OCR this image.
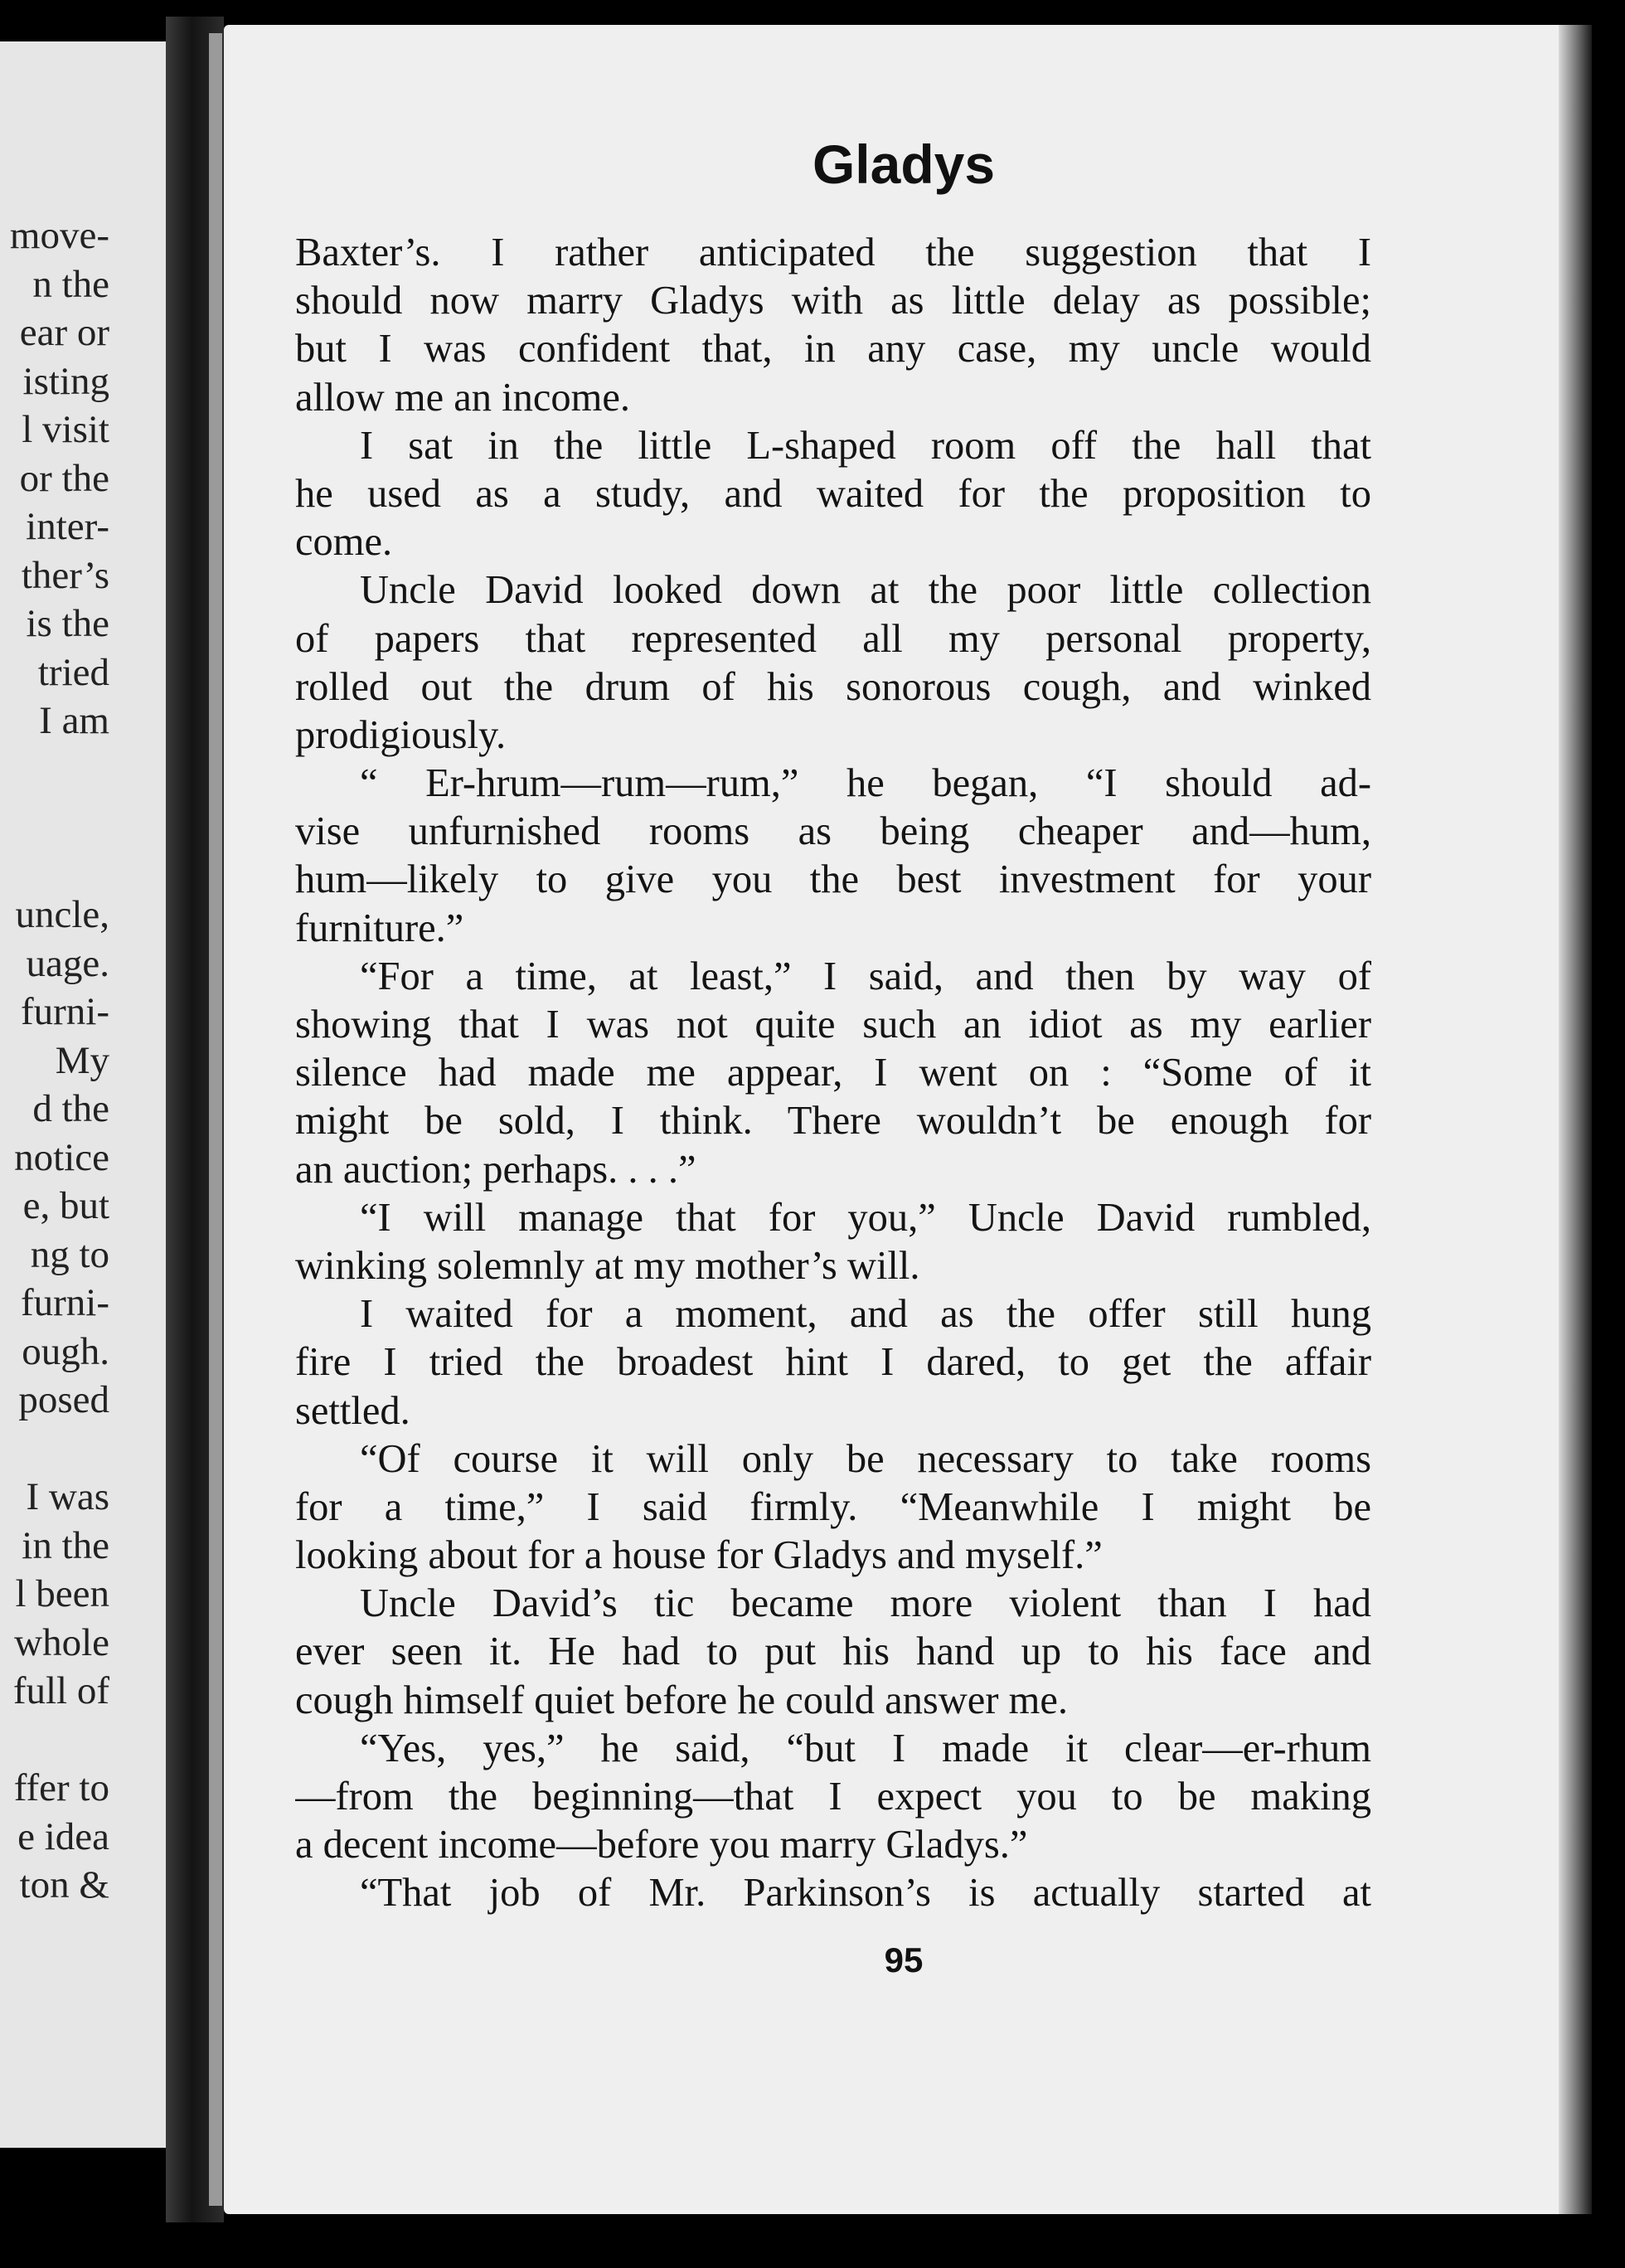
move-
n the
ear or
isting
l visit
or the
inter-
ther’s
is the
tried
I am
uncle,
uage.
furni-
My
d the
notice
e, but
ng to
furni-
ough.
posed
I was
in the
l been
whole
full of
ffer to
e idea
ton &
Gladys
Baxter’s. I rather anticipated the suggestion that I
should now marry Gladys with as little delay as possible;
but I was confident that, in any case, my uncle would
allow me an income.
I sat in the little L-shaped room off the hall that
he used as a study, and waited for the proposition to
come.
Uncle David looked down at the poor little collection
of papers that represented all my personal property,
rolled out the drum of his sonorous cough, and winked
prodigiously.
“ Er-hrum—rum—rum,” he began, “I should ad-
vise unfurnished rooms as being cheaper and—hum,
hum—likely to give you the best investment for your
furniture.”
“For a time, at least,” I said, and then by way of
showing that I was not quite such an idiot as my earlier
silence had made me appear, I went on : “Some of it
might be sold, I think. There wouldn’t be enough for
an auction; perhaps. . . .”
“I will manage that for you,” Uncle David rumbled,
winking solemnly at my mother’s will.
I waited for a moment, and as the offer still hung
fire I tried the broadest hint I dared, to get the affair
settled.
“Of course it will only be necessary to take rooms
for a time,” I said firmly. “Meanwhile I might be
looking about for a house for Gladys and myself.”
Uncle David’s tic became more violent than I had
ever seen it. He had to put his hand up to his face and
cough himself quiet before he could answer me.
“Yes, yes,” he said, “but I made it clear—er-rhum
—from the beginning—that I expect you to be making
a decent income—before you marry Gladys.”
“That job of Mr. Parkinson’s is actually started at
95
